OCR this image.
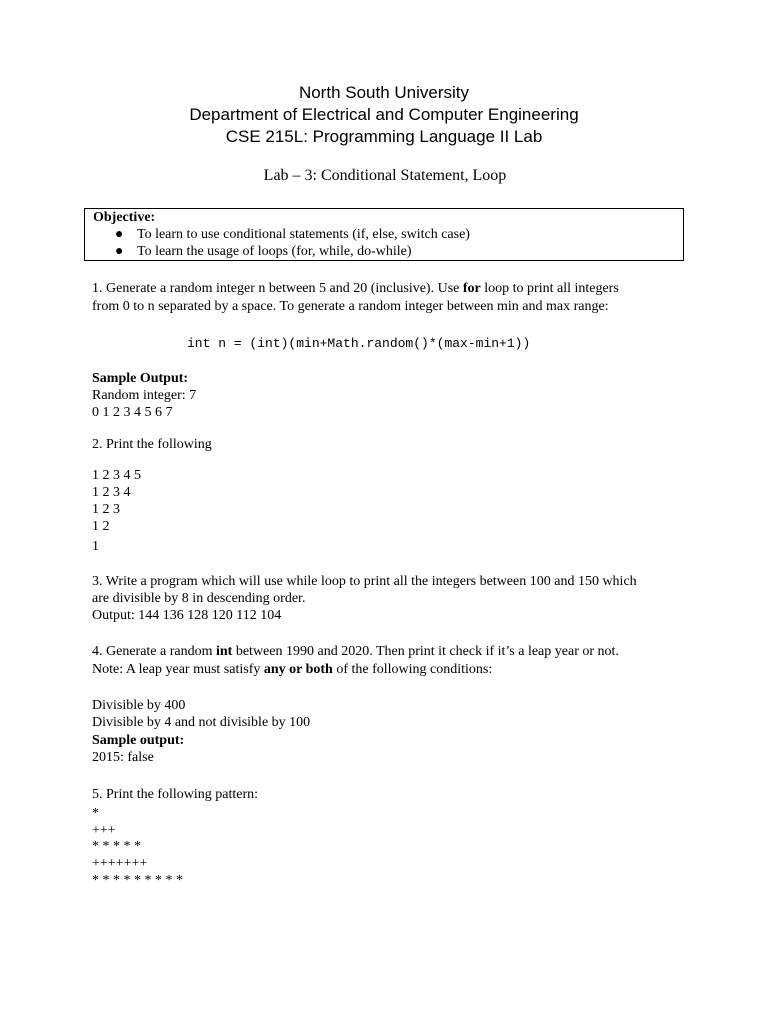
North South University
Department of Electrical and Computer Engineering
CSE 215L: Programming Language II Lab
Lab – 3: Conditional Statement, Loop
Objective:
● To learn to use conditional statements (if, else, switch case)
● To learn the usage of loops (for, while, do-while)
1. Generate a random integer n between 5 and 20 (inclusive). Use for loop to print all integers
from 0 to n separated by a space. To generate a random integer between min and max range:
int n = (int)(min+Math.random()*(max-min+1))
Sample Output:
Random integer: 7
0 1 2 3 4 5 6 7
2. Print the following
1 2 3 4 5
1 2 3 4
1 2 3
1 2
1
3. Write a program which will use while loop to print all the integers between 100 and 150 which
are divisible by 8 in descending order.
Output: 144 136 128 120 112 104
4. Generate a random int between 1990 and 2020. Then print it check if it’s a leap year or not.
Note: A leap year must satisfy any or both of the following conditions:
Divisible by 400
Divisible by 4 and not divisible by 100
Sample output:
2015: false
5. Print the following pattern:
*
+++
* * * * *
+++++++
* * * * * * * * *
